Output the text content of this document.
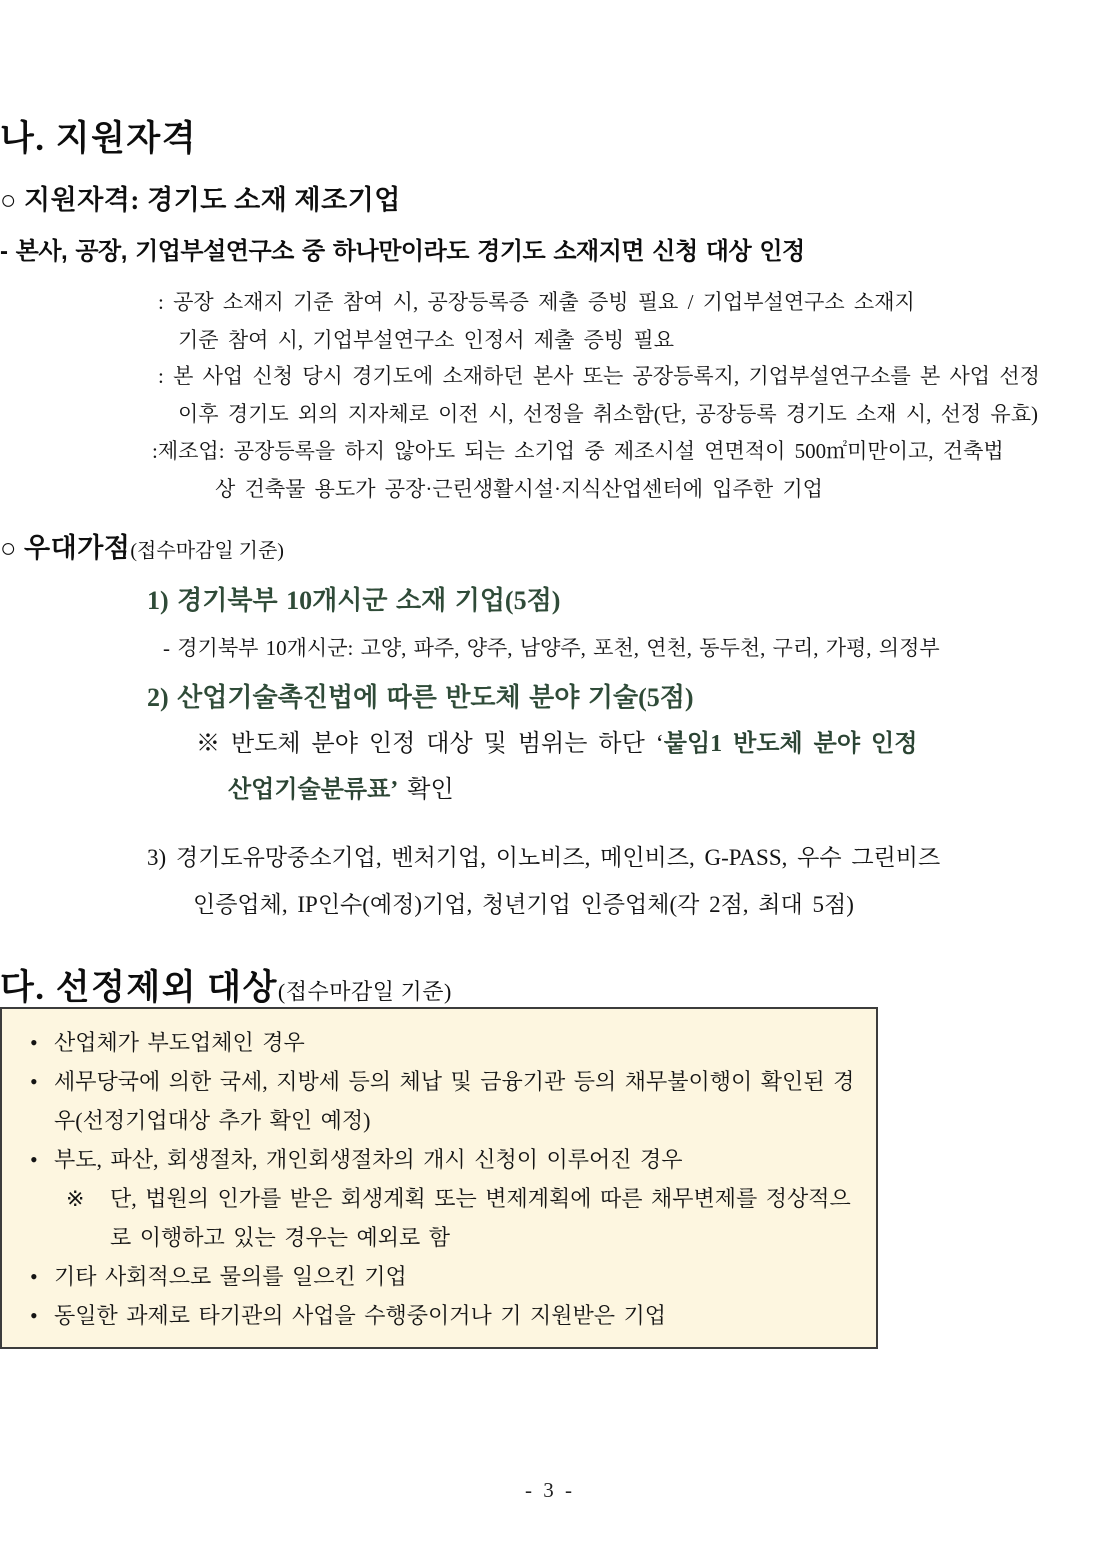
나. 지원자격
○ 지원자격: 경기도 소재 제조기업
- 본사, 공장, 기업부설연구소 중 하나만이라도 경기도 소재지면 신청 대상 인정
: 공장 소재지 기준 참여 시, 공장등록증 제출 증빙 필요 / 기업부설연구소 소재지
기준 참여 시, 기업부설연구소 인정서 제출 증빙 필요
: 본 사업 신청 당시 경기도에 소재하던 본사 또는 공장등록지, 기업부설연구소를 본 사업 선정
이후 경기도 외의 지자체로 이전 시, 선정을 취소함(단, 공장등록 경기도 소재 시, 선정 유효)
:제조업: 공장등록을 하지 않아도 되는 소기업 중 제조시설 연면적이 500㎡미만이고, 건축법
상 건축물 용도가 공장·근린생활시설·지식산업센터에 입주한 기업
○ 우대가점(접수마감일 기준)
1) 경기북부 10개시군 소재 기업(5점)
- 경기북부 10개시군: 고양, 파주, 양주, 남양주, 포천, 연천, 동두천, 구리, 가평, 의정부
2) 산업기술촉진법에 따른 반도체 분야 기술(5점)
※ 반도체 분야 인정 대상 및 범위는 하단 ‘붙임1 반도체 분야 인정
산업기술분류표’ 확인
3) 경기도유망중소기업, 벤처기업, 이노비즈, 메인비즈, G-PASS, 우수 그린비즈
인증업체, IP인수(예정)기업, 청년기업 인증업체(각 2점, 최대 5점)
다. 선정제외 대상(접수마감일 기준)
• 산업체가 부도업체인 경우
• 세무당국에 의한 국세, 지방세 등의 체납 및 금융기관 등의 채무불이행이 확인된 경우(선정기업대상 추가 확인 예정)
• 부도, 파산, 회생절차, 개인회생절차의 개시 신청이 이루어진 경우
※ 단, 법원의 인가를 받은 회생계획 또는 변제계획에 따른 채무변제를 정상적으로 이행하고 있는 경우는 예외로 함
• 기타 사회적으로 물의를 일으킨 기업
• 동일한 과제로 타기관의 사업을 수행중이거나 기 지원받은 기업
- 3 -
